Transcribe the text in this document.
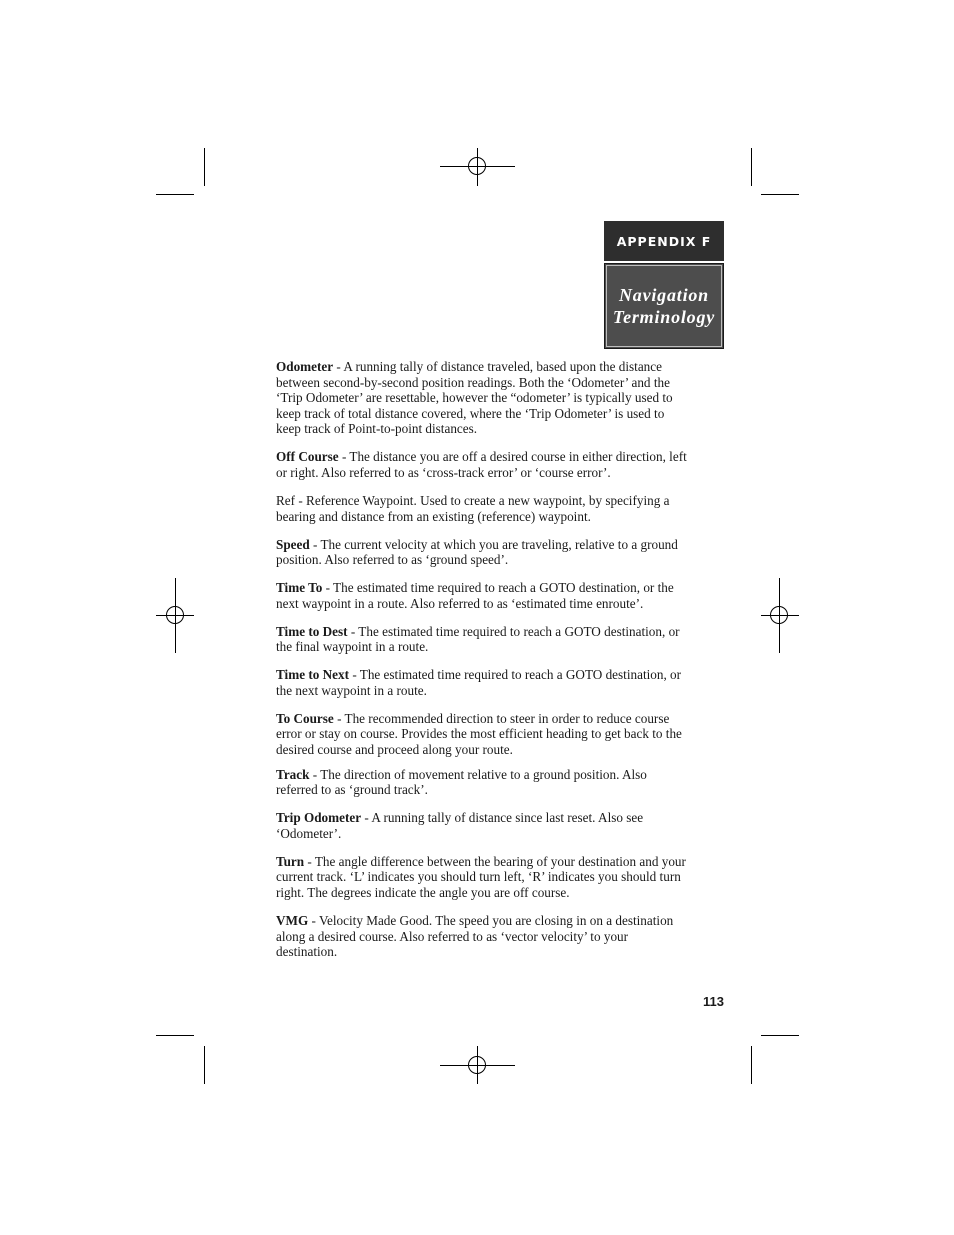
APPENDIX F
Navigation
Terminology

Odometer - A running tally of distance traveled, based upon the distance between second-by-second position readings. Both the ‘Odometer’ and the ‘Trip Odometer’ are resettable, however the “odometer’ is typically used to keep track of total distance covered, where the ‘Trip Odometer’ is used to keep track of Point-to-point distances.

Off Course - The distance you are off a desired course in either direction, left or right. Also referred to as ‘cross-track error’ or ‘course error’.

Ref - Reference Waypoint. Used to create a new waypoint, by specifying a bearing and distance from an existing (reference) waypoint.

Speed - The current velocity at which you are traveling, relative to a ground position. Also referred to as ‘ground speed’.

Time To - The estimated time required to reach a GOTO destination, or the next waypoint in a route. Also referred to as ‘estimated time enroute’.

Time to Dest - The estimated time required to reach a GOTO destination, or the final waypoint in a route.

Time to Next - The estimated time required to reach a GOTO destination, or the next waypoint in a route.

To Course - The recommended direction to steer in order to reduce course error or stay on course. Provides the most efficient heading to get back to the desired course and proceed along your route.

Track - The direction of movement relative to a ground position. Also referred to as ‘ground track’.

Trip Odometer - A running tally of distance since last reset. Also see ‘Odometer’.

Turn - The angle difference between the bearing of your destination and your current track. ‘L’ indicates you should turn left, ‘R’ indicates you should turn right. The degrees indicate the angle you are off course.

VMG - Velocity Made Good. The speed you are closing in on a destination along a desired course. Also referred to as ‘vector velocity’ to your destination.

113
